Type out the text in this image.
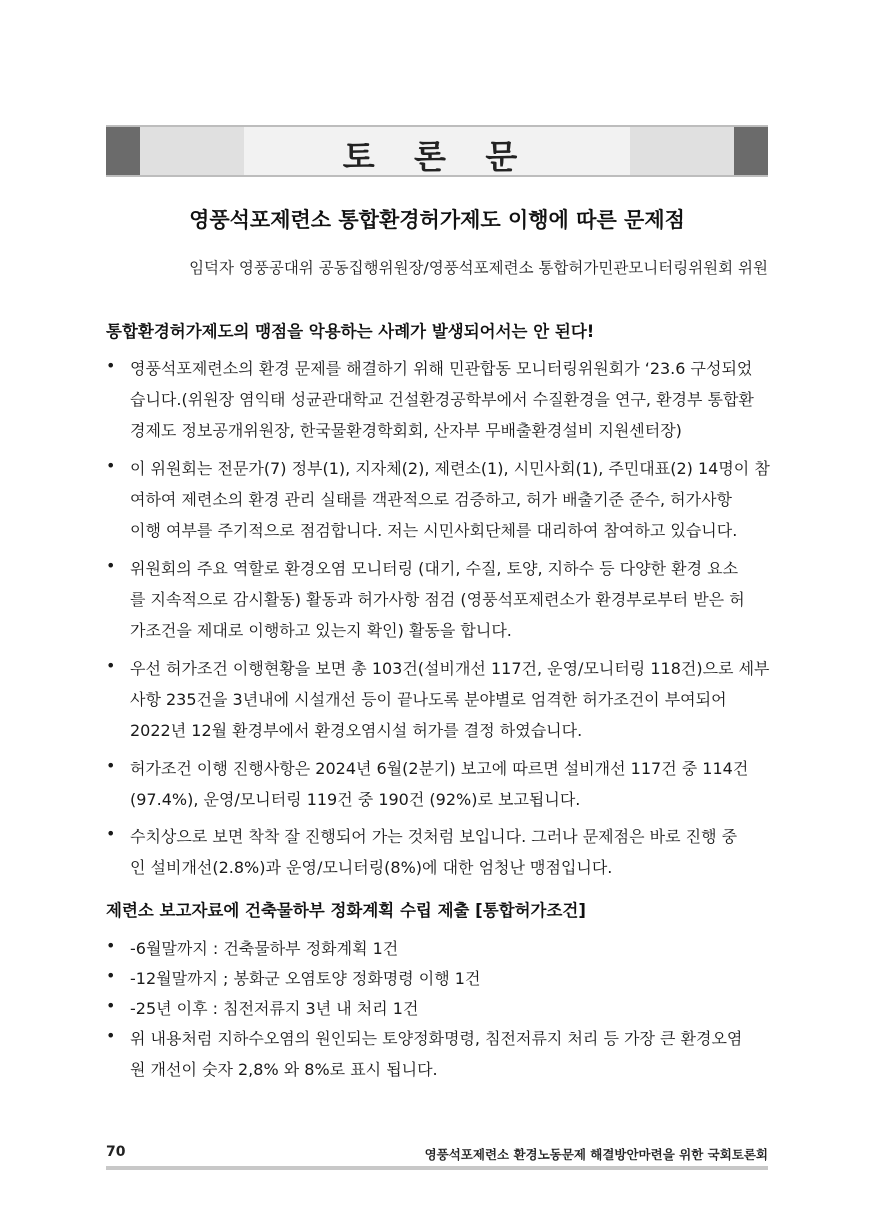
토 론 문
영풍석포제련소 통합환경허가제도 이행에 따른 문제점
임덕자 영풍공대위 공동집행위원장/영풍석포제련소 통합허가민관모니터링위원회 위원
통합환경허가제도의 맹점을 악용하는 사례가 발생되어서는 안 된다!
• 영풍석포제련소의 환경 문제를 해결하기 위해 민관합동 모니터링위원회가 ‘23.6 구성되었
습니다.(위원장 염익태 성균관대학교 건설환경공학부에서 수질환경을 연구, 환경부 통합환
경제도 정보공개위원장, 한국물환경학회회, 산자부 무배출환경설비 지원센터장)
• 이 위원회는 전문가(7) 정부(1), 지자체(2), 제련소(1), 시민사회(1), 주민대표(2) 14명이 참
여하여 제련소의 환경 관리 실태를 객관적으로 검증하고, 허가 배출기준 준수, 허가사항
이행 여부를 주기적으로 점검합니다. 저는 시민사회단체를 대리하여 참여하고 있습니다.
• 위원회의 주요 역할로 환경오염 모니터링 (대기, 수질, 토양, 지하수 등 다양한 환경 요소
를 지속적으로 감시활동) 활동과 허가사항 점검 (영풍석포제련소가 환경부로부터 받은 허
가조건을 제대로 이행하고 있는지 확인) 활동을 합니다.
• 우선 허가조건 이행현황을 보면 총 103건(설비개선 117건, 운영/모니터링 118건)으로 세부
사항 235건을 3년내에 시설개선 등이 끝나도록 분야별로 엄격한 허가조건이 부여되어
2022년 12월 환경부에서 환경오염시설 허가를 결정 하였습니다.
• 허가조건 이행 진행사항은 2024년 6월(2분기) 보고에 따르면 설비개선 117건 중 114건
(97.4%), 운영/모니터링 119건 중 190건 (92%)로 보고됩니다.
• 수치상으로 보면 착착 잘 진행되어 가는 것처럼 보입니다. 그러나 문제점은 바로 진행 중
인 설비개선(2.8%)과 운영/모니터링(8%)에 대한 엄청난 맹점입니다.
제련소 보고자료에 건축물하부 정화계획 수립 제출 [통합허가조건]
• -6월말까지 : 건축물하부 정화계획 1건
• -12월말까지 ; 봉화군 오염토양 정화명령 이행 1건
• -25년 이후 : 침전저류지 3년 내 처리 1건
• 위 내용처럼 지하수오염의 원인되는 토양정화명령, 침전저류지 처리 등 가장 큰 환경오염
원 개선이 숫자 2,8% 와 8%로 표시 됩니다.
70	영풍석포제련소 환경노동문제 해결방안마련을 위한 국회토론회
